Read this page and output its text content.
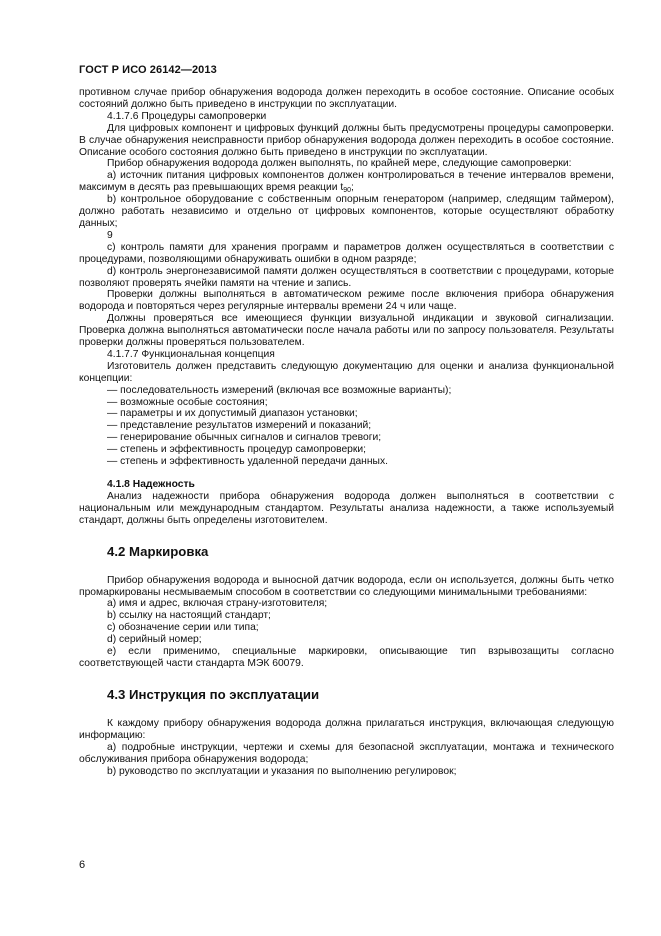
ГОСТ Р ИСО 26142—2013

противном случае прибор обнаружения водорода должен переходить в особое состояние. Описание особых состояний должно быть приведено в инструкции по эксплуатации.

4.1.7.6 Процедуры самопроверки

Для цифровых компонент и цифровых функций должны быть предусмотрены процедуры самопроверки. В случае обнаружения неисправности прибор обнаружения водорода должен переходить в особое состояние. Описание особого состояния должно быть приведено в инструкции по эксплуатации.

Прибор обнаружения водорода должен выполнять, по крайней мере, следующие самопроверки:

а) источник питания цифровых компонентов должен контролироваться в течение интервалов времени, максимум в десять раз превышающих время реакции $t_{90}$;

b) контрольное оборудование с собственным опорным генератором (например, следящим таймером), должно работать независимо и отдельно от цифровых компонентов, которые осуществляют обработку данных;

9

с) контроль памяти для хранения программ и параметров должен осуществляться в соответствии с процедурами, позволяющими обнаруживать ошибки в одном разряде;

d) контроль энергонезависимой памяти должен осуществляться в соответствии с процедурами, которые позволяют проверять ячейки памяти на чтение и запись.

Проверки должны выполняться в автоматическом режиме после включения прибора обнаружения водорода и повторяться через регулярные интервалы времени 24 ч или чаще.

Должны проверяться все имеющиеся функции визуальной индикации и звуковой сигнализации. Проверка должна выполняться автоматически после начала работы или по запросу пользователя. Результаты проверки должны проверяться пользователем.

4.1.7.7 Функциональная концепция

Изготовитель должен представить следующую документацию для оценки и анализа функциональной концепции:

— последовательность измерений (включая все возможные варианты);

— возможные особые состояния;

— параметры и их допустимый диапазон установки;

— представление результатов измерений и показаний;

— генерирование обычных сигналов и сигналов тревоги;

— степень и эффективность процедур самопроверки;

— степень и эффективность удаленной передачи данных.

4.1.8 Надежность

Анализ надежности прибора обнаружения водорода должен выполняться в соответствии с национальным или международным стандартом. Результаты анализа надежности, а также используемый стандарт, должны быть определены изготовителем.

4.2 Маркировка

Прибор обнаружения водорода и выносной датчик водорода, если он используется, должны быть четко промаркированы несмываемым способом в соответствии со следующими минимальными требованиями:

а) имя и адрес, включая страну-изготовителя;

b) ссылку на настоящий стандарт;

с) обозначение серии или типа;

d) серийный номер;

e) если применимо, специальные маркировки, описывающие тип взрывозащиты согласно соответствующей части стандарта МЭК 60079.

4.3 Инструкция по эксплуатации

К каждому прибору обнаружения водорода должна прилагаться инструкция, включающая следующую информацию:

а) подробные инструкции, чертежи и схемы для безопасной эксплуатации, монтажа и технического обслуживания прибора обнаружения водорода;

b) руководство по эксплуатации и указания по выполнению регулировок;

6
